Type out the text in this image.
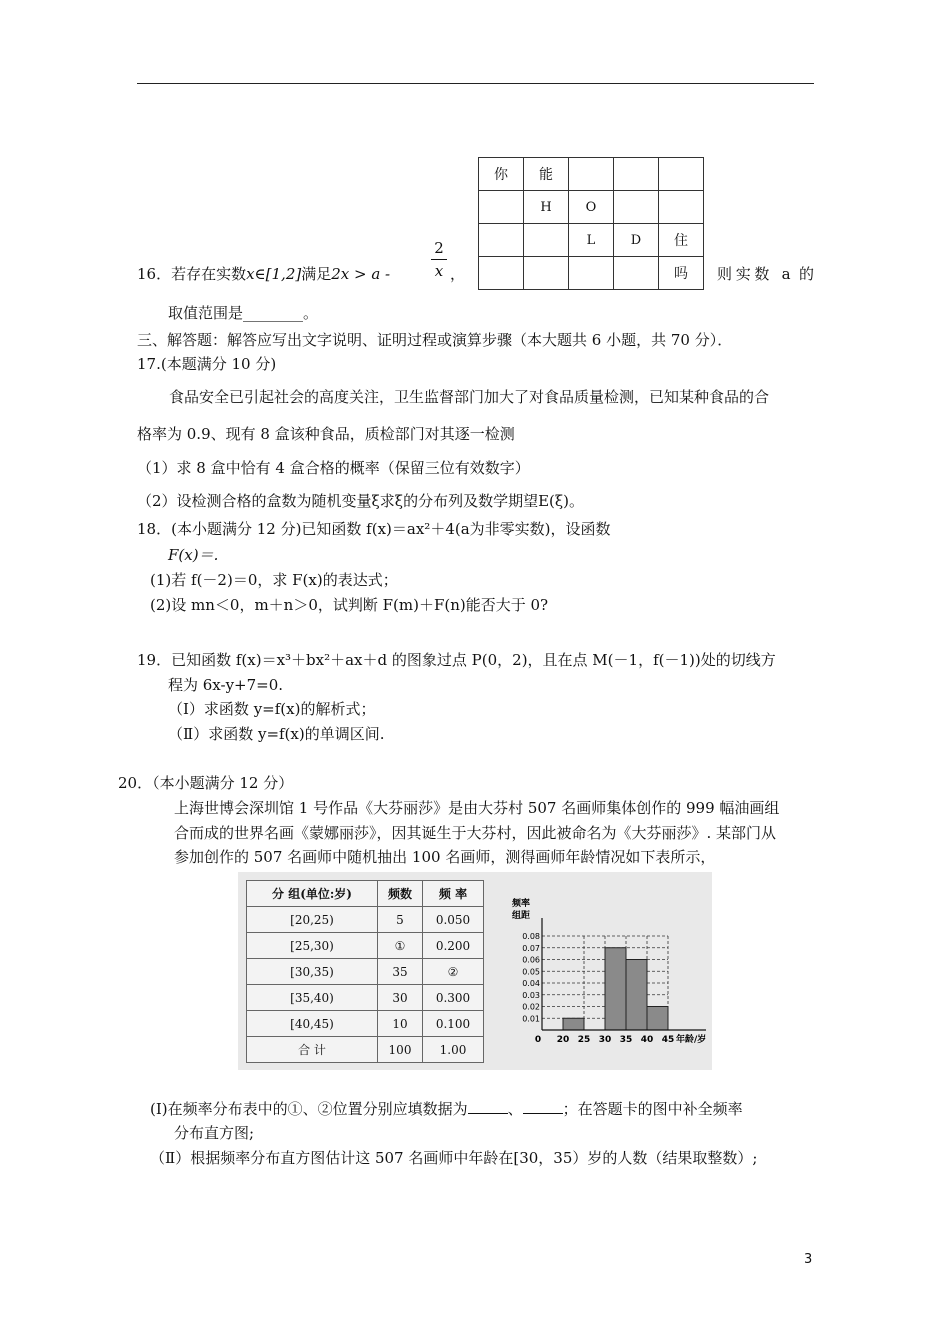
16．若存在实数x∈[1,2]满足2x > a -
2
x ，	则实数 a 的
取值范围是________。
你	能			
	H	O		
		L	D	住
				吗
三、解答题：解答应写出文字说明、证明过程或演算步骤（本大题共 6 小题，共 70 分）．
17.(本题满分 10 分)
食品安全已引起社会的高度关注，卫生监督部门加大了对食品质量检测，已知某种食品的合
格率为 0.9、现有 8 盒该种食品，质检部门对其逐一检测
（1）求 8 盒中恰有 4 盒合格的概率（保留三位有效数字）
（2）设检测合格的盒数为随机变量ξ求ξ的分布列及数学期望E(ξ)。
18．(本小题满分 12 分)已知函数 f(x)＝ax²＋4(a为非零实数)，设函数
F(x)＝.
(1)若 f(－2)＝0，求 F(x)的表达式；
(2)设 mn＜0，m＋n＞0，试判断 F(m)＋F(n)能否大于 0?
19．已知函数 f(x)＝x³＋bx²＋ax＋d 的图象过点 P(0，2)，且在点 M(－1，f(－1))处的切线方
程为 6x-y+7=0.
（Ⅰ）求函数 y=f(x)的解析式；
（Ⅱ）求函数 y=f(x)的单调区间.
20．（本小题满分 12 分）
上海世博会深圳馆 1 号作品《大芬丽莎》是由大芬村 507 名画师集体创作的 999 幅油画组
合而成的世界名画《蒙娜丽莎》，因其诞生于大芬村，因此被命名为《大芬丽莎》. 某部门从
参加创作的 507 名画师中随机抽出 100 名画师，测得画师年龄情况如下表所示，
分 组(单位:岁)	频数	频 率
[20,25)	5	0.050
[25,30)	①	0.200
[30,35)	35	②
[35,40)	30	0.300
[40,45)	10	0.100
合 计	100	1.00
0.01
0.02
0.03
0.04
0.05
0.06
0.07
0.08
0 20 25 30 35 40 45 年龄/岁
频率
组距
(Ⅰ)在频率分布表中的①、②位置分别应填数据为	、	；在答题卡的图中补全频率
分布直方图;
（Ⅱ）根据频率分布直方图估计这 507 名画师中年龄在[30，35）岁的人数（结果取整数）;
3
